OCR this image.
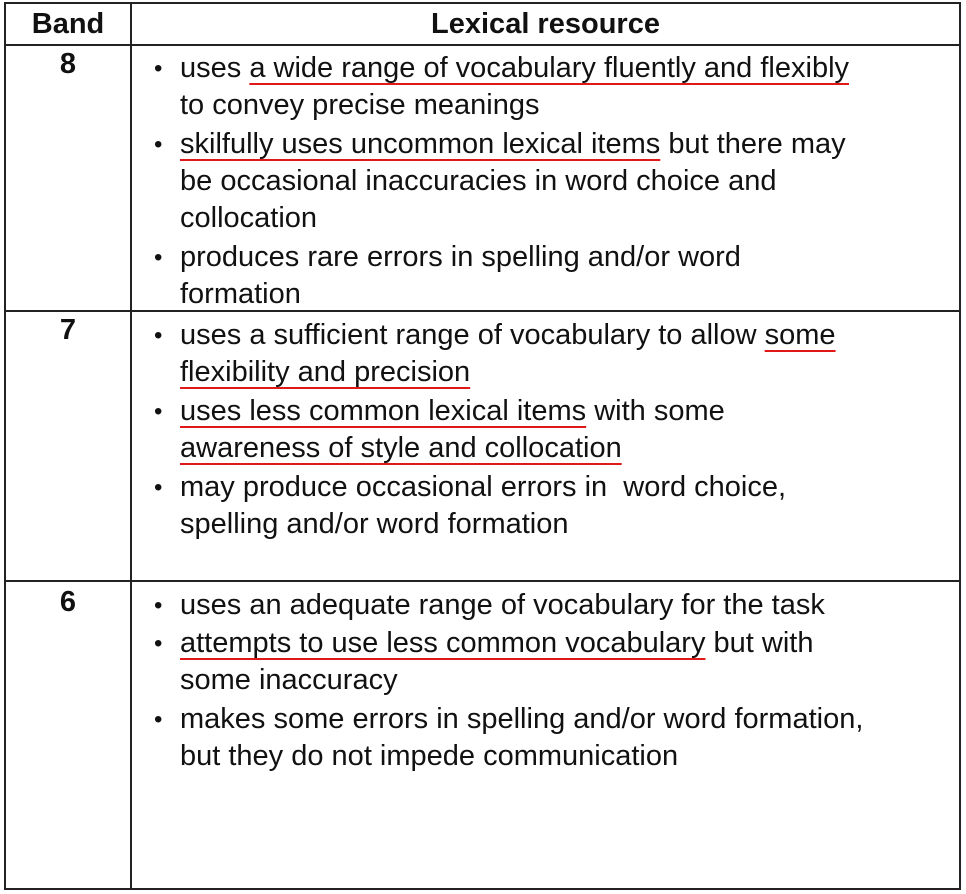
Band	Lexical resource
8	• uses a wide range of vocabulary fluently and flexibly
to convey precise meanings
• skilfully uses uncommon lexical items but there may
be occasional inaccuracies in word choice and
collocation
• produces rare errors in spelling and/or word
formation
7	• uses a sufficient range of vocabulary to allow some
flexibility and precision
• uses less common lexical items with some
awareness of style and collocation
• may produce occasional errors in  word choice,
spelling and/or word formation
6	• uses an adequate range of vocabulary for the task
• attempts to use less common vocabulary but with
some inaccuracy
• makes some errors in spelling and/or word formation,
but they do not impede communication
